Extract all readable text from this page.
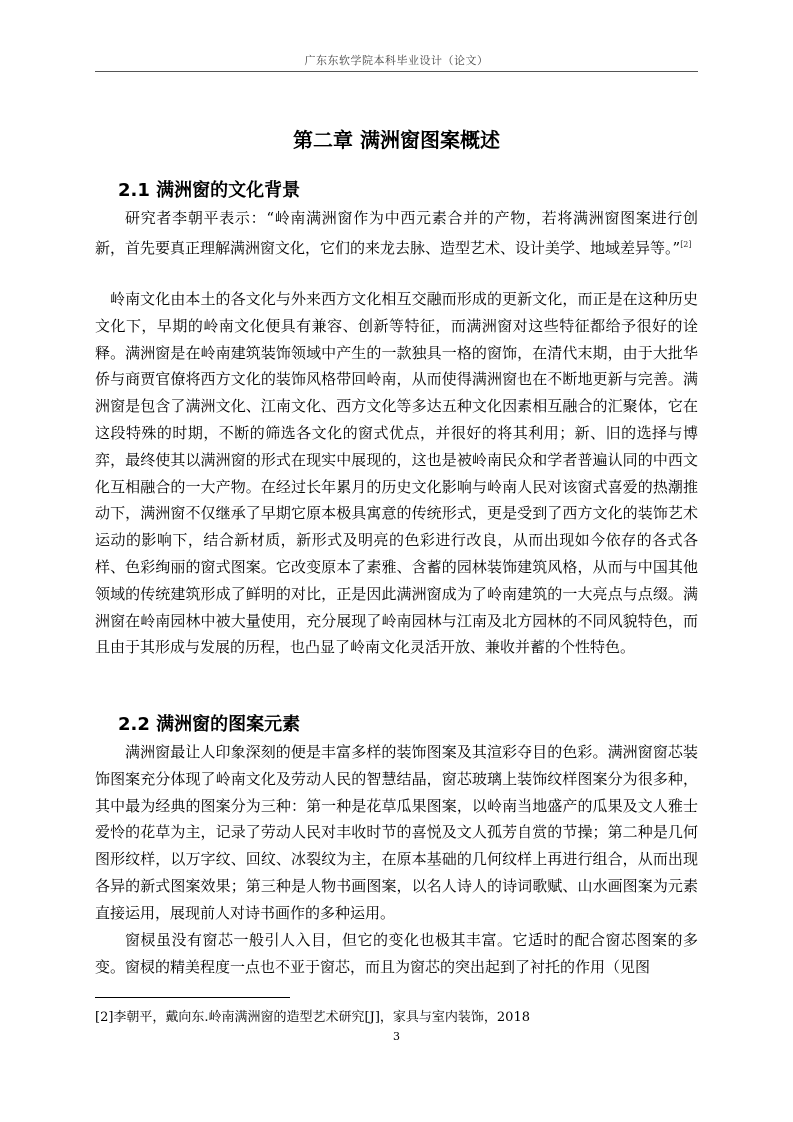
广东东软学院本科毕业设计（论文）
第二章 满洲窗图案概述
2.1 满洲窗的文化背景

研究者李朝平表示：“岭南满洲窗作为中西元素合并的产物，若将满洲窗图案进行创新，首先要真正理解满洲窗文化，它们的来龙去脉、造型艺术、设计美学、地域差异等。”[2]

岭南文化由本土的各文化与外来西方文化相互交融而形成的更新文化，而正是在这种历史文化下，早期的岭南文化便具有兼容、创新等特征，而满洲窗对这些特征都给予很好的诠释。满洲窗是在岭南建筑装饰领域中产生的一款独具一格的窗饰，在清代末期，由于大批华侨与商贾官僚将西方文化的装饰风格带回岭南，从而使得满洲窗也在不断地更新与完善。满洲窗是包含了满洲文化、江南文化、西方文化等多达五种文化因素相互融合的汇聚体，它在这段特殊的时期，不断的筛选各文化的窗式优点，并很好的将其利用；新、旧的选择与博弈，最终使其以满洲窗的形式在现实中展现的，这也是被岭南民众和学者普遍认同的中西文化互相融合的一大产物。在经过长年累月的历史文化影响与岭南人民对该窗式喜爱的热潮推动下，满洲窗不仅继承了早期它原本极具寓意的传统形式，更是受到了西方文化的装饰艺术运动的影响下，结合新材质，新形式及明亮的色彩进行改良，从而出现如今依存的各式各样、色彩绚丽的窗式图案。它改变原本了素雅、含蓄的园林装饰建筑风格，从而与中国其他领域的传统建筑形成了鲜明的对比，正是因此满洲窗成为了岭南建筑的一大亮点与点缀。满洲窗在岭南园林中被大量使用，充分展现了岭南园林与江南及北方园林的不同风貌特色，而且由于其形成与发展的历程，也凸显了岭南文化灵活开放、兼收并蓄的个性特色。

2.2 满洲窗的图案元素

满洲窗最让人印象深刻的便是丰富多样的装饰图案及其渲彩夺目的色彩。满洲窗窗芯装饰图案充分体现了岭南文化及劳动人民的智慧结晶，窗芯玻璃上装饰纹样图案分为很多种，其中最为经典的图案分为三种：第一种是花草瓜果图案，以岭南当地盛产的瓜果及文人雅士爱怜的花草为主，记录了劳动人民对丰收时节的喜悦及文人孤芳自赏的节操；第二种是几何图形纹样，以万字纹、回纹、冰裂纹为主，在原本基础的几何纹样上再进行组合，从而出现各异的新式图案效果；第三种是人物书画图案，以名人诗人的诗词歌赋、山水画图案为元素直接运用，展现前人对诗书画作的多种运用。

窗棂虽没有窗芯一般引人入目，但它的变化也极其丰富。它适时的配合窗芯图案的多变。窗棂的精美程度一点也不亚于窗芯，而且为窗芯的突出起到了衬托的作用（见图

[2]李朝平，戴向东.岭南满洲窗的造型艺术研究[J]，家具与室内装饰，2018
3
